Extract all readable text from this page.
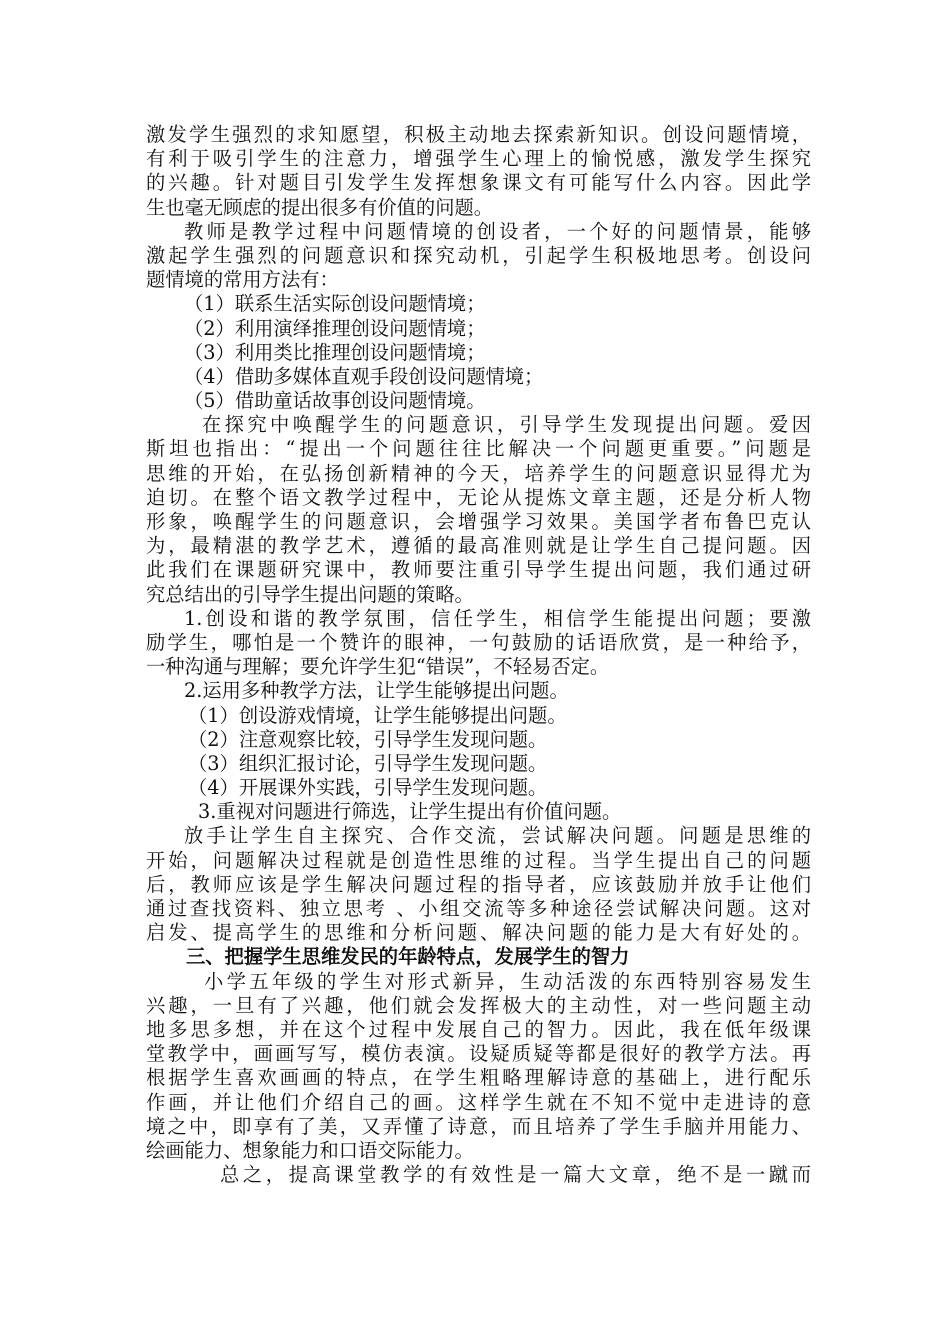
激发学生强烈的求知愿望，积极主动地去探索新知识。创设问题情境，
有利于吸引学生的注意力，增强学生心理上的愉悦感，激发学生探究
的兴趣。针对题目引发学生发挥想象课文有可能写什么内容。因此学
生也毫无顾虑的提出很多有价值的问题。
教师是教学过程中问题情境的创设者，一个好的问题情景，能够
激起学生强烈的问题意识和探究动机，引起学生积极地思考。创设问
题情境的常用方法有：
（1）联系生活实际创设问题情境；
（2）利用演绎推理创设问题情境；
（3）利用类比推理创设问题情境；
（4）借助多媒体直观手段创设问题情境；
（5）借助童话故事创设问题情境。
在探究中唤醒学生的问题意识，引导学生发现提出问题。爱因
斯坦也指出：“提出一个问题往往比解决一个问题更重要。”问题是
思维的开始，在弘扬创新精神的今天，培养学生的问题意识显得尤为
迫切。在整个语文教学过程中，无论从提炼文章主题，还是分析人物
形象，唤醒学生的问题意识，会增强学习效果。美国学者布鲁巴克认
为，最精湛的教学艺术，遵循的最高准则就是让学生自己提问题。因
此我们在课题研究课中，教师要注重引导学生提出问题，我们通过研
究总结出的引导学生提出问题的策略。
1.创设和谐的教学氛围，信任学生，相信学生能提出问题；要激
励学生，哪怕是一个赞许的眼神，一句鼓励的话语欣赏，是一种给予，
一种沟通与理解；要允许学生犯“错误”，不轻易否定。
2.运用多种教学方法，让学生能够提出问题。
（1）创设游戏情境，让学生能够提出问题。
（2）注意观察比较，引导学生发现问题。
（3）组织汇报讨论，引导学生发现问题。
（4）开展课外实践，引导学生发现问题。
3.重视对问题进行筛选，让学生提出有价值问题。
放手让学生自主探究、合作交流，尝试解决问题。问题是思维的
开始，问题解决过程就是创造性思维的过程。当学生提出自己的问题
后，教师应该是学生解决问题过程的指导者，应该鼓励并放手让他们
通过查找资料、独立思考 、小组交流等多种途径尝试解决问题。这对
启发、提高学生的思维和分析问题、解决问题的能力是大有好处的。
三、把握学生思维发民的年龄特点，发展学生的智力
小学五年级的学生对形式新异，生动活泼的东西特别容易发生
兴趣，一旦有了兴趣，他们就会发挥极大的主动性，对一些问题主动
地多思多想，并在这个过程中发展自己的智力。因此，我在低年级课
堂教学中，画画写写，模仿表演。设疑质疑等都是很好的教学方法。再
根据学生喜欢画画的特点，在学生粗略理解诗意的基础上，进行配乐
作画，并让他们介绍自己的画。这样学生就在不知不觉中走进诗的意
境之中，即享有了美，又弄懂了诗意，而且培养了学生手脑并用能力、
绘画能力、想象能力和口语交际能力。
总之，提高课堂教学的有效性是一篇大文章，绝不是一蹴而
